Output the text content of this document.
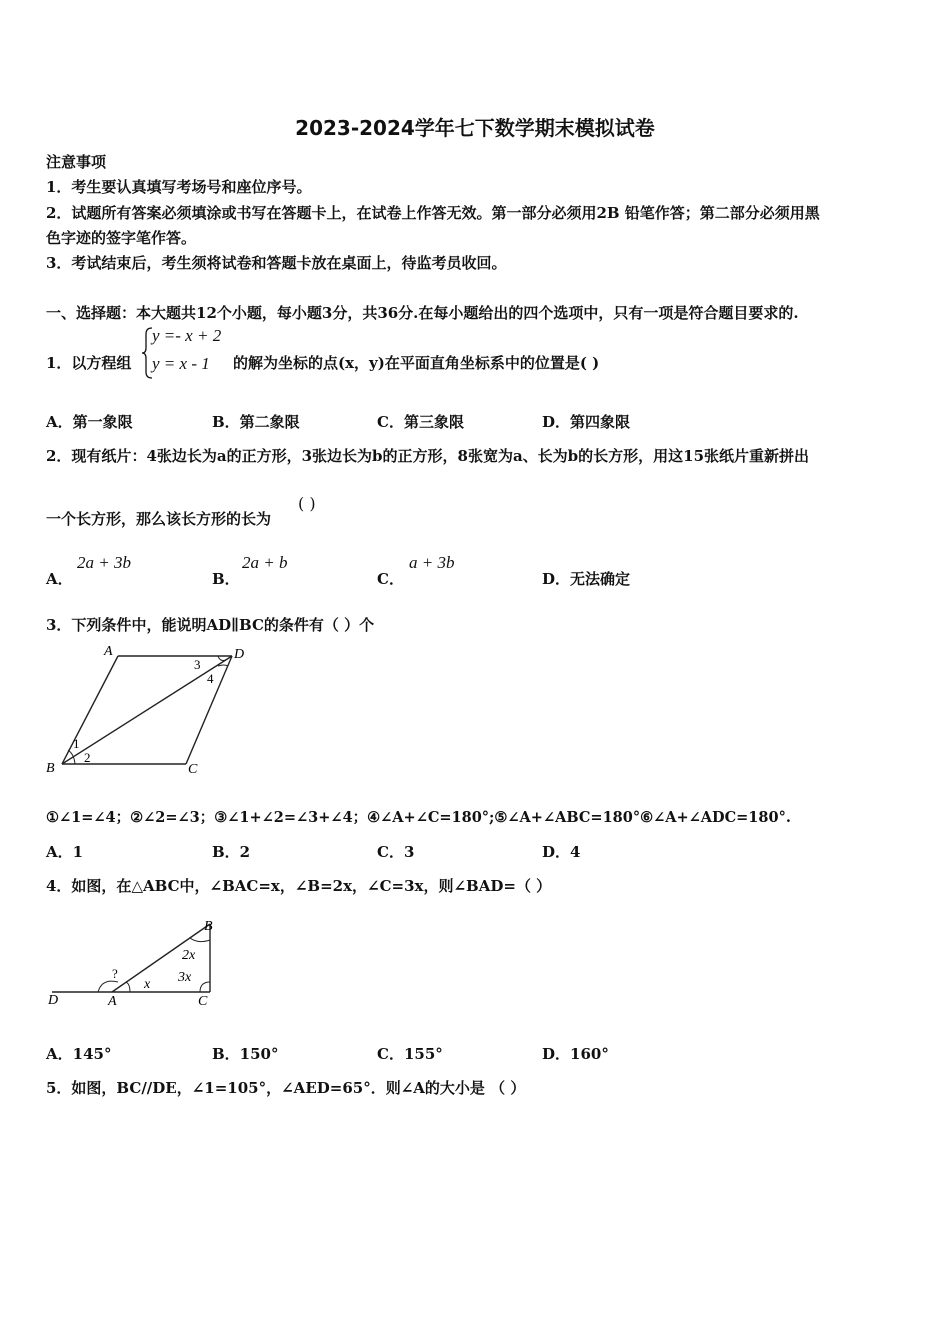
2023-2024学年七下数学期末模拟试卷
注意事项
1．考生要认真填写考场号和座位序号。
2．试题所有答案必须填涂或书写在答题卡上，在试卷上作答无效。第一部分必须用2B 铅笔作答；第二部分必须用黑
色字迹的签字笔作答。
3．考试结束后，考生须将试卷和答题卡放在桌面上，待监考员收回。
一、选择题：本大题共12个小题，每小题3分，共36分.在每小题给出的四个选项中，只有一项是符合题目要求的.
1．以方程组
y =- x + 2
y = x - 1 的解为坐标的点(x，y)在平面直角坐标系中的位置是( )
A．第一象限	B．第二象限	C．第三象限	D．第四象限
2．现有纸片：4张边长为a的正方形，3张边长为b的正方形，8张宽为a、长为b的长方形，用这15张纸片重新拼出
一个长方形，那么该长方形的长为
( )
A．
2a + 3b
B．
2a + b
C．
a + 3b
D．无法确定
3．下列条件中，能说明AD∥BC的条件有（ ）个
A	D
B	C
1
2
3
4
①∠1=∠4；②∠2=∠3；③∠1+∠2=∠3+∠4；④∠A+∠C=180°;⑤∠A+∠ABC=180°⑥∠A+∠ADC=180°.
A．1	B．2	C．3	D．4
4．如图，在△ABC中，∠BAC=x，∠B=2x，∠C=3x，则∠BAD=（ ）
B
D	A	C
?
x
2x
3x
A．145°	B．150°	C．155°	D．160°
5．如图，BC//DE，∠1=105°，∠AED=65°．则∠A的大小是 （ ）
